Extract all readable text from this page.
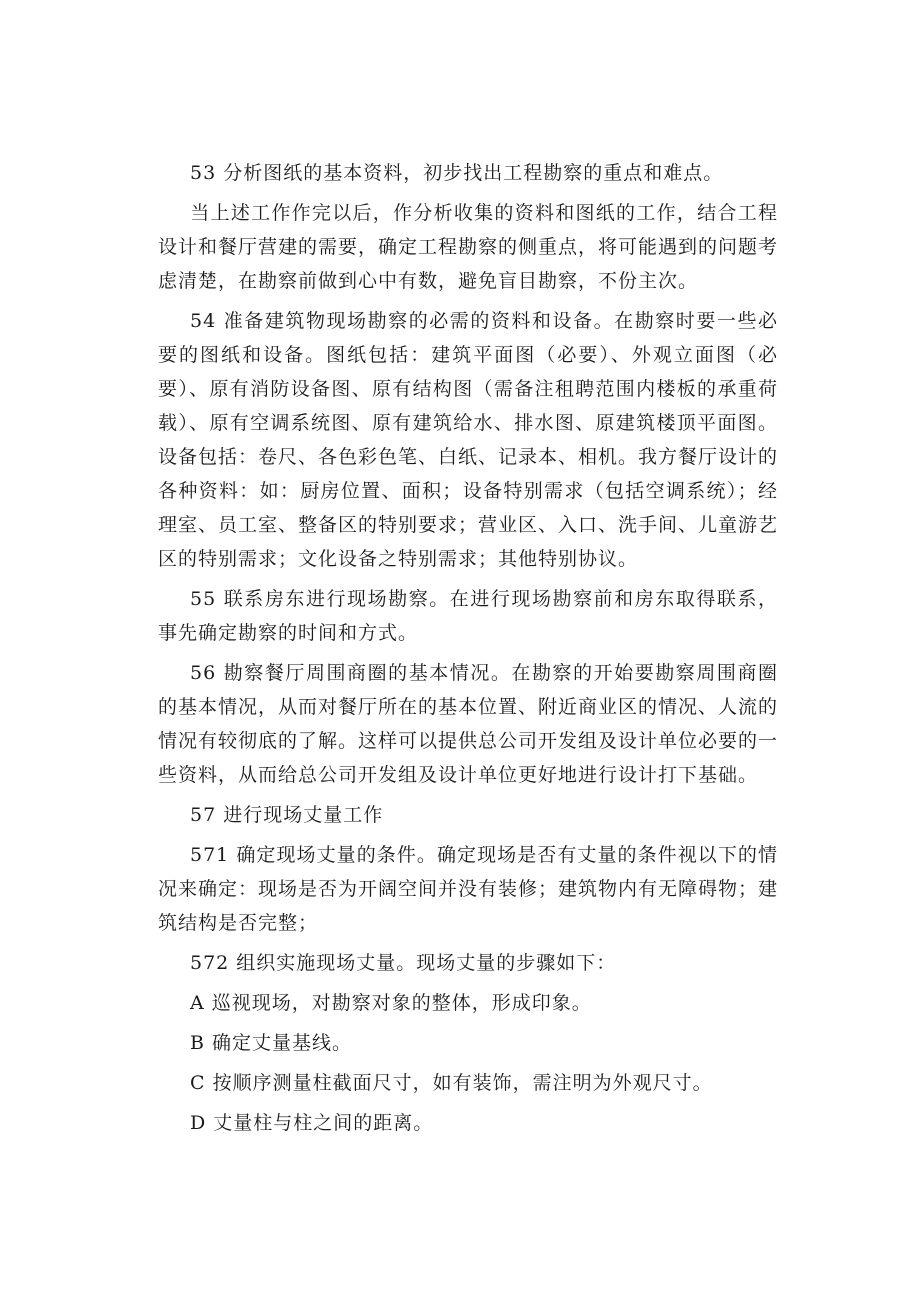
53 分析图纸的基本资料，初步找出工程勘察的重点和难点。

当上述工作作完以后，作分析收集的资料和图纸的工作，结合工程设计和餐厅营建的需要，确定工程勘察的侧重点，将可能遇到的问题考虑清楚，在勘察前做到心中有数，避免盲目勘察，不份主次。

54 准备建筑物现场勘察的必需的资料和设备。在勘察时要一些必要的图纸和设备。图纸包括：建筑平面图（必要）、外观立面图（必要）、原有消防设备图、原有结构图（需备注租聘范围内楼板的承重荷载）、原有空调系统图、原有建筑给水、排水图、原建筑楼顶平面图。设备包括：卷尺、各色彩色笔、白纸、记录本、相机。我方餐厅设计的各种资料：如：厨房位置、面积；设备特别需求（包括空调系统）；经理室、员工室、整备区的特别要求；营业区、入口、洗手间、儿童游艺区的特别需求；文化设备之特别需求；其他特别协议。

55 联系房东进行现场勘察。在进行现场勘察前和房东取得联系，事先确定勘察的时间和方式。

56 勘察餐厅周围商圈的基本情况。在勘察的开始要勘察周围商圈的基本情况，从而对餐厅所在的基本位置、附近商业区的情况、人流的情况有较彻底的了解。这样可以提供总公司开发组及设计单位必要的一些资料，从而给总公司开发组及设计单位更好地进行设计打下基础。

57 进行现场丈量工作

571 确定现场丈量的条件。确定现场是否有丈量的条件视以下的情况来确定：现场是否为开阔空间并没有装修；建筑物内有无障碍物；建筑结构是否完整；

572 组织实施现场丈量。现场丈量的步骤如下：

A 巡视现场，对勘察对象的整体，形成印象。

B 确定丈量基线。

C 按顺序测量柱截面尺寸，如有装饰，需注明为外观尺寸。

D 丈量柱与柱之间的距离。
